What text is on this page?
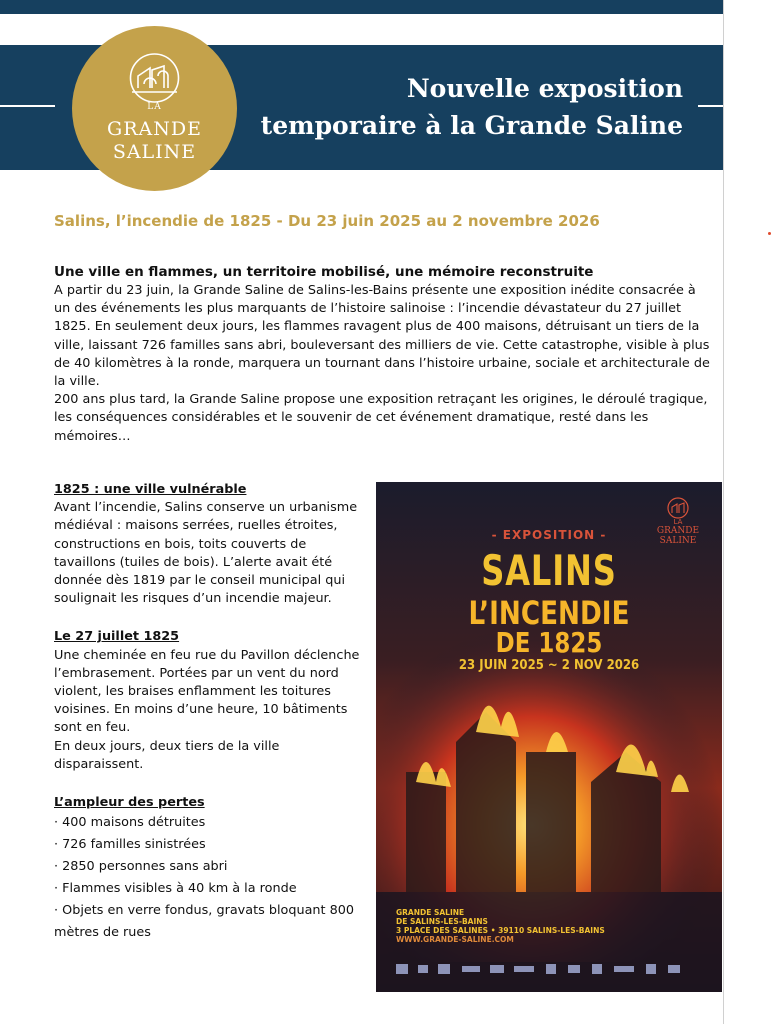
LA
GRANDE
SALINE
Nouvelle exposition
temporaire à la Grande Saline
Salins, l’incendie de 1825 - Du 23 juin 2025 au 2 novembre 2026
Une ville en flammes, un territoire mobilisé, une mémoire reconstruite

A partir du 23 juin, la Grande Saline de Salins-les-Bains présente une exposition inédite consacrée à un des événements les plus marquants de l’histoire salinoise : l’incendie dévastateur du 27 juillet 1825. En seulement deux jours, les flammes ravagent plus de 400 maisons, détruisant un tiers de la ville, laissant 726 familles sans abri, bouleversant des milliers de vie. Cette catastrophe, visible à plus de 40 kilomètres à la ronde, marquera un tournant dans l’histoire urbaine, sociale et architecturale de la ville.

200 ans plus tard, la Grande Saline propose une exposition retraçant les origines, le déroulé tragique, les conséquences considérables et le souvenir de cet événement dramatique, resté dans les mémoires…

1825 : une ville vulnérable

Avant l’incendie, Salins conserve un urbanisme médiéval : maisons serrées, ruelles étroites, constructions en bois, toits couverts de tavaillons (tuiles de bois). L’alerte avait été donnée dès 1819 par le conseil municipal qui soulignait les risques d’un incendie majeur.

Le 27 juillet 1825

Une cheminée en feu rue du Pavillon déclenche l’embrasement. Portées par un vent du nord violent, les braises enflamment les toitures voisines. En moins d’une heure, 10 bâtiments sont en feu.

En deux jours, deux tiers de la ville disparaissent.

L’ampleur des pertes
· 400 maisons détruites
· 726 familles sinistrées
· 2850 personnes sans abri
· Flammes visibles à 40 km à la ronde
· Objets en verre fondus, gravats bloquant 800 mètres de rues
LA
GRANDE
SALINE
- EXPOSITION -
SALINS
L’INCENDIE
DE 1825
23 JUIN 2025 ~ 2 NOV 2026
GRANDE SALINE
DE SALINS-LES-BAINS
3 PLACE DES SALINES • 39110 SALINS-LES-BAINS
WWW.GRANDE-SALINE.COM
